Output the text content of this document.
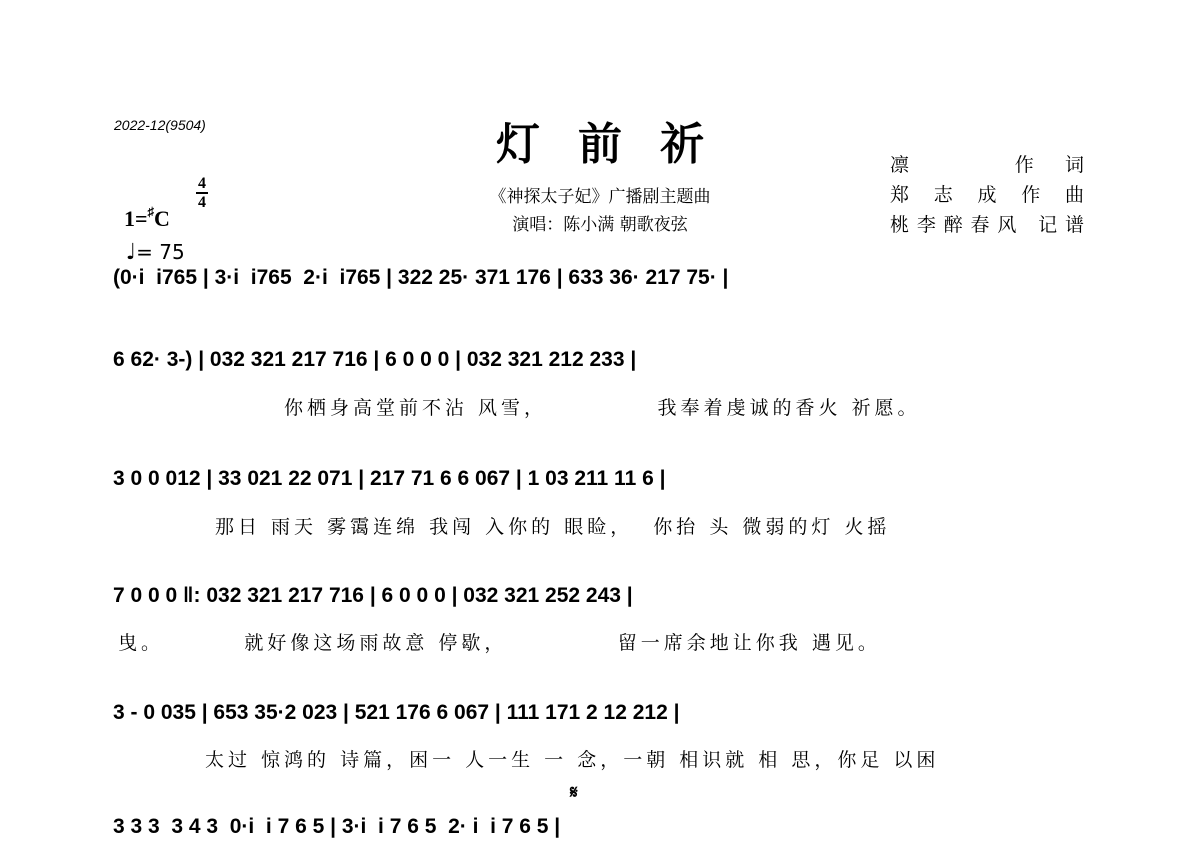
2022-12(9504)	灯前祈
《神探太子妃》广播剧主题曲
演唱：陈小满 朝歌夜弦
凛  作词
郑志成作曲
桃李醉春风 记谱

1=♯C

4
4

♩= 75

(0·i  i765 | 3·i  i765  2·i  i765 | 322 25· 371 176 | 633 36· 217 75· |
6 62· 3-) | 032 321 217 716 | 6 0 0 0 | 032 321 212 233 |
你栖身高堂前不沾 风雪，           我奉着虔诚的香火 祈愿。
3 0 0 012 | 33 021 22 071 | 217 71 6 6 067 | 1 03 211 11 6 |
那日 雨天 雾霭连绵 我闯 入你的 眼睑，  你抬 头 微弱的灯 火摇
7 0 0 0 ‖: 032 321 217 716 | 6 0 0 0 | 032 321 252 243 |
曳。        就好像这场雨故意 停歇，           留一席余地让你我 遇见。
3 - 0 035 | 653 35·2 023 | 521 176 6 067 | 111 171 2 12 212 |
太过 惊鸿的 诗篇，困一 人一生 一 念，一朝 相识就 相 思，你足 以困
𝄋
3 3 3  3 4 3  0·i  i 7 6 5 | 3·i  i 7 6 5  2· i  i 7 6 5 |
